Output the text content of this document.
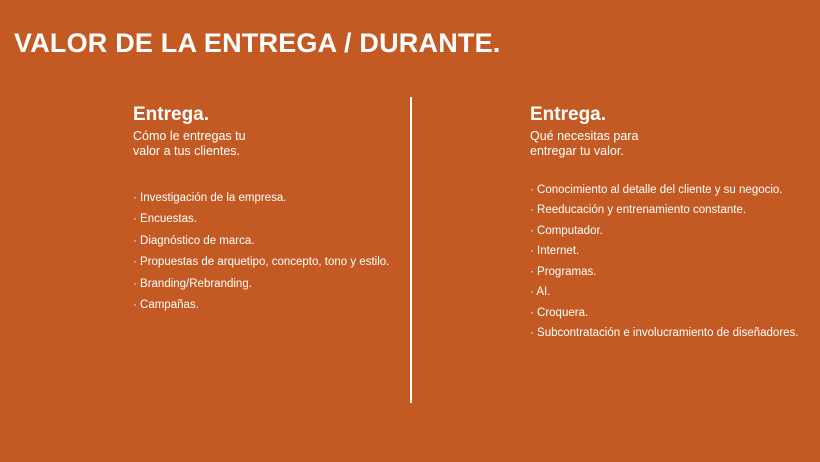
VALOR DE LA ENTREGA / DURANTE.
Entrega.

Cómo le entregas tu
valor a tus clientes.

· Investigación de la empresa.
· Encuestas.
· Diagnóstico de marca.
· Propuestas de arquetipo, concepto, tono y estilo.
· Branding/Rebranding.
· Campañas.
Entrega.

Qué necesitas para
entregar tu valor.

· Conocimiento al detalle del cliente y su negocio.
· Reeducación y entrenamiento constante.
· Computador.
· Internet.
· Programas.
· AI.
· Croquera.
· Subcontratación e involucramiento de diseñadores.
